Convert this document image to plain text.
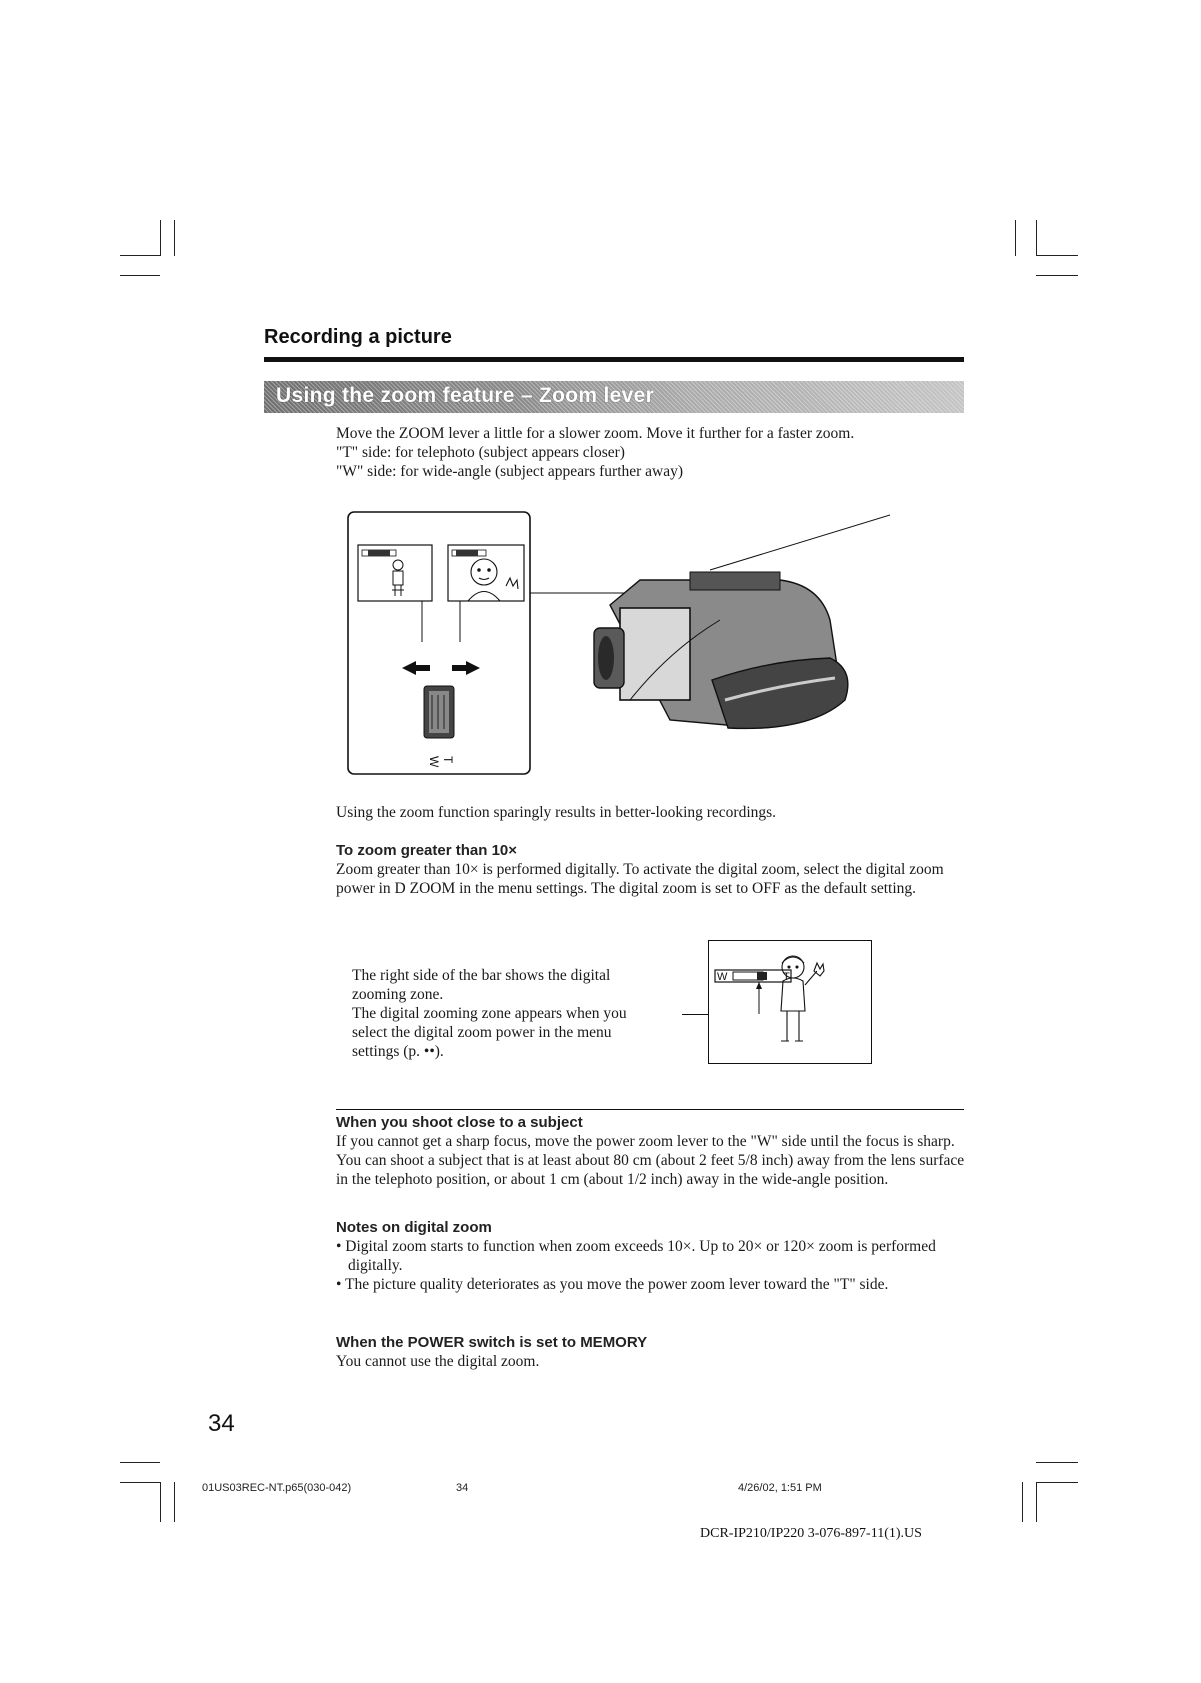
Recording a picture
Using the zoom feature – Zoom lever
Move the ZOOM lever a little for a slower zoom. Move it further for a faster zoom.
"T" side: for telephoto (subject appears closer)
"W" side: for wide-angle (subject appears further away)
W T
Using the zoom function sparingly results in better-looking recordings.
To zoom greater than 10×
Zoom greater than 10× is performed digitally. To activate the digital zoom, select the digital zoom power in D ZOOM in the menu settings. The digital zoom is set to OFF as the default setting.
The right side of the bar shows the digital
zooming zone.
The digital zooming zone appears when you
select the digital zoom power in the menu
settings (p. ••).
W	T
When you shoot close to a subject
If you cannot get a sharp focus, move the power zoom lever to the "W" side until the focus is sharp. You can shoot a subject that is at least about 80 cm (about 2 feet 5/8 inch) away from the lens surface in the telephoto position, or about 1 cm (about 1/2 inch) away in the wide-angle position.
Notes on digital zoom
• Digital zoom starts to function when zoom exceeds 10×. Up to 20× or 120× zoom is performed digitally.
• The picture quality deteriorates as you move the power zoom lever toward the "T" side.
When the POWER switch is set to MEMORY
You cannot use the digital zoom.
34
01US03REC-NT.p65(030-042)	34	4/26/02, 1:51 PM
DCR-IP210/IP220 3-076-897-11(1).US
